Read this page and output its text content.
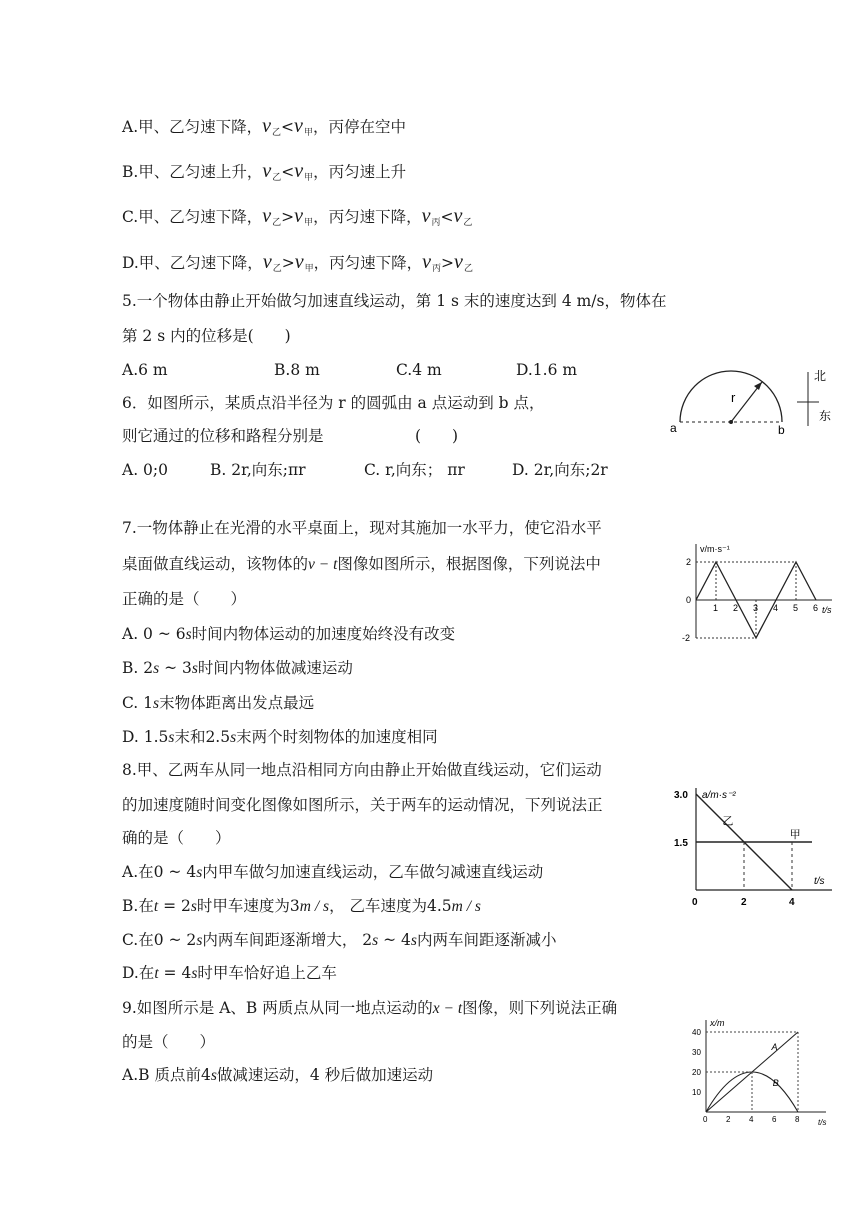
A.甲、乙匀速下降，$v_乙<v_甲$，丙停在空中
B.甲、乙匀速上升，$v_乙<v_甲$，丙匀速上升
C.甲、乙匀速下降，$v_乙>v_甲$，丙匀速下降，$v_丙<v_乙$
D.甲、乙匀速下降，$v_乙>v_甲$，丙匀速下降，$v_丙>v_乙$
5.一个物体由静止开始做匀加速直线运动，第 1 s 末的速度达到 4 m/s，物体在
第 2 s 内的位移是(　　)
A.6 m	B.8 m	C.4 m	D.1.6 m
6．如图所示，某质点沿半径为 r 的圆弧由 a 点运动到 b 点，
则它通过的位移和路程分别是	(　　)
A. 0;0	B. 2r,向东;πr	C. r,向东； πr	D. 2r,向东;2r
r
a	b
北
东
7.一物体静止在光滑的水平桌面上，现对其施加一水平力，使它沿水平
桌面做直线运动，该物体的v − t图像如图所示，根据图像，下列说法中
正确的是（　　）
A. 0 ~ 6s时间内物体运动的加速度始终没有改变
B. 2s ~ 3s时间内物体做减速运动
C. 1s末物体距离出发点最远
D. 1.5s末和2.5s末两个时刻物体的加速度相同
v/m·s⁻¹
t/s
1 2 3 4 5 6
2
0
-2
8.甲、乙两车从同一地点沿相同方向由静止开始做直线运动，它们运动
的加速度随时间变化图像如图所示，关于两车的运动情况，下列说法正
确的是（　　）
A.在0 ~ 4s内甲车做匀加速直线运动，乙车做匀减速直线运动
B.在t = 2s时甲车速度为3m / s， 乙车速度为4.5m / s
C.在0 ~ 2s内两车间距逐渐增大， 2s ~ 4s内两车间距逐渐减小
D.在t = 4s时甲车恰好追上乙车
a/m·s⁻²
t/s
乙
甲
3.0
1.5
0	2	4
9.如图所示是 A、B 两质点从同一地点运动的x − t图像，则下列说法正确
的是（　　）
A.B 质点前4s做减速运动，4 秒后做加速运动
x/m
t/s
A
B
10
20
30
40
0 2 4 6 8
